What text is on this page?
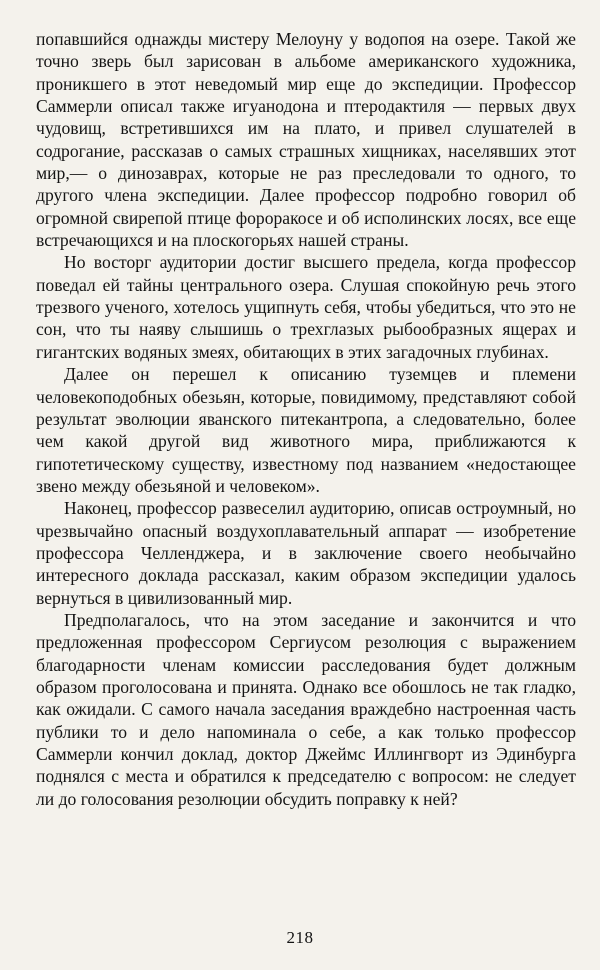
попавшийся однажды мистеру Мелоуну у водопоя на озере. Такой же точно зверь был зарисован в альбоме американского художника, проникшего в этот неведомый мир еще до экспедиции. Профессор Саммерли описал также игуанодона и птеродактиля — первых двух чудовищ, встретившихся им на плато, и привел слушателей в содрогание, рассказав о самых страшных хищниках, населявших этот мир,— о динозаврах, которые не раз преследовали то одного, то другого члена экспедиции. Далее профессор подробно говорил об огромной свирепой птице фороракосе и об исполинских лосях, все еще встречающихся и на плоскогорьях нашей страны.

Но восторг аудитории достиг высшего предела, когда профессор поведал ей тайны центрального озера. Слушая спокойную речь этого трезвого ученого, хотелось ущипнуть себя, чтобы убедиться, что это не сон, что ты наяву слышишь о трехглазых рыбообразных ящерах и гигантских водяных змеях, обитающих в этих загадочных глубинах.

Далее он перешел к описанию туземцев и племени человекоподобных обезьян, которые, повидимому, представляют собой результат эволюции яванского питекантропа, а следовательно, более чем какой другой вид животного мира, приближаются к гипотетическому существу, известному под названием «недостающее звено между обезьяной и человеком».

Наконец, профессор развеселил аудиторию, описав остроумный, но чрезвычайно опасный воздухоплавательный аппарат — изобретение профессора Челленджера, и в заключение своего необычайно интересного доклада рассказал, каким образом экспедиции удалось вернуться в цивилизованный мир.

Предполагалось, что на этом заседание и закончится и что предложенная профессором Сергиусом резолюция с выражением благодарности членам комиссии расследования будет должным образом проголосована и принята. Однако все обошлось не так гладко, как ожидали. С самого начала заседания враждебно настроенная часть публики то и дело напоминала о себе, а как только профессор Саммерли кончил доклад, доктор Джеймс Иллингворт из Эдинбурга поднялся с места и обратился к председателю с вопросом: не следует ли до голосования резолюции обсудить поправку к ней?

218
